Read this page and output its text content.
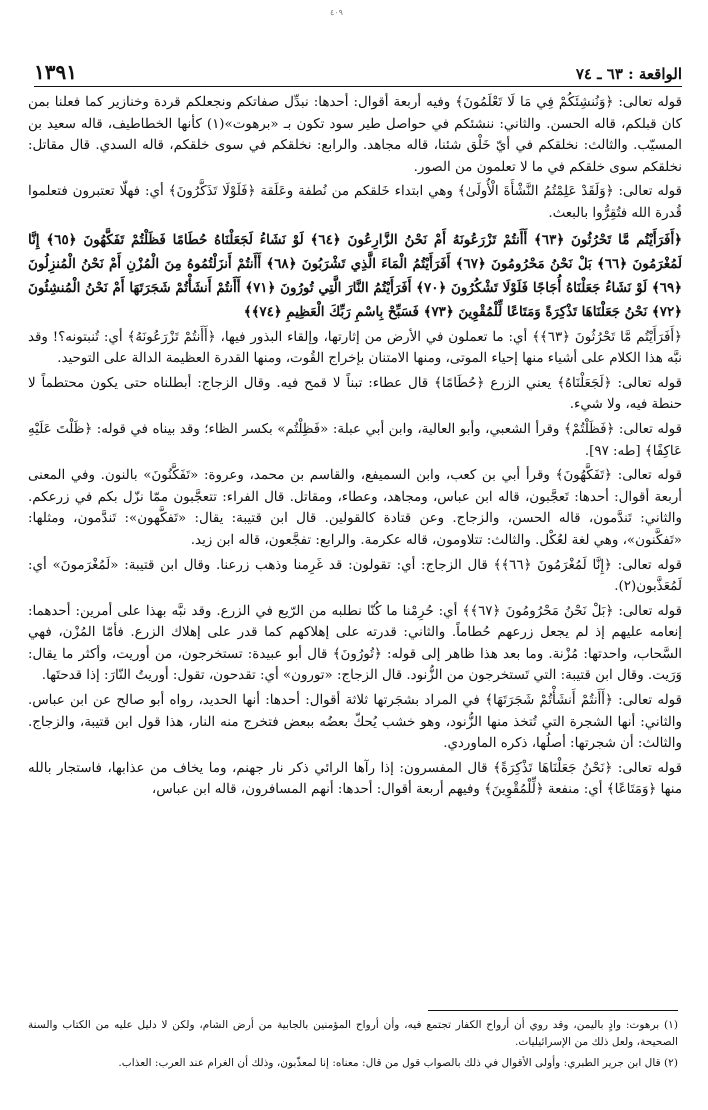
٤٠٩
الواقعة : ٦٣ ـ ٧٤
١٣٩١

قوله تعالى: ﴿وَنُنشِئَكُمْ فِي مَا لَا تَعْلَمُونَ﴾ وفيه أربعة أقوال: أحدها: نبدِّل صفاتكم ونجعلكم قردة وخنازير كما فعلنا بمن كان قبلكم، قاله الحسن. والثاني: ننشئكم في حواصل طير سود تكون بـ «برهوت»(١) كأنها الخطاطيف، قاله سعيد بن المسيّب. والثالث: نخلقكم في أيّ خَلْق شئنا، قاله مجاهد. والرابع: نخلقكم في سوى خلقكم، قاله السدي. قال مقاتل: نخلقكم سوى خلقكم في ما لا تعلمون من الصور.

قوله تعالى: ﴿وَلَقَدْ عَلِمْتُمُ النَّشْأَةَ الْأُولَىٰ﴾ وهي ابتداء خَلقكم من نُطفة وعَلَقة ﴿فَلَوْلَا تَذَكَّرُونَ﴾ أي: فهلّا تعتبرون فتعلموا قُدرة الله فتُقِرُّوا بالبعث.

﴿أَفَرَأَيْتُم مَّا تَحْرُثُونَ ﴿٦٣﴾ أَأَنتُمْ تَزْرَعُونَهُ أَمْ نَحْنُ الزَّارِعُونَ ﴿٦٤﴾ لَوْ نَشَاءُ لَجَعَلْنَاهُ حُطَامًا فَظَلْتُمْ تَفَكَّهُونَ ﴿٦٥﴾ إِنَّا لَمُغْرَمُونَ ﴿٦٦﴾ بَلْ نَحْنُ مَحْرُومُونَ ﴿٦٧﴾ أَفَرَأَيْتُمُ الْمَاءَ الَّذِي تَشْرَبُونَ ﴿٦٨﴾ أَأَنتُمْ أَنزَلْتُمُوهُ مِنَ الْمُزْنِ أَمْ نَحْنُ الْمُنزِلُونَ ﴿٦٩﴾ لَوْ نَشَاءُ جَعَلْنَاهُ أُجَاجًا فَلَوْلَا تَشْكُرُونَ ﴿٧٠﴾ أَفَرَأَيْتُمُ النَّارَ الَّتِي تُورُونَ ﴿٧١﴾ أَأَنتُمْ أَنشَأْتُمْ شَجَرَتَهَا أَمْ نَحْنُ الْمُنشِئُونَ ﴿٧٢﴾ نَحْنُ جَعَلْنَاهَا تَذْكِرَةً وَمَتَاعًا لِّلْمُقْوِينَ ﴿٧٣﴾ فَسَبِّحْ بِاسْمِ رَبِّكَ الْعَظِيمِ ﴿٧٤﴾﴾

﴿أَفَرَأَيْتُم مَّا تَحْرُثُونَ ﴿٦٣﴾﴾ أي: ما تعملون في الأرض من إثارتها، وإلقاء البذور فيها، ﴿أَأَنتُمْ تَزْرَعُونَهُ﴾ أي: تُنبتونه؟! وقد نبَّه هذا الكلام على أشياء منها إحياء الموتى، ومنها الامتنان بإخراج القُوت، ومنها القدرة العظيمة الدالة على التوحيد.

قوله تعالى: ﴿لَجَعَلْنَاهُ﴾ يعني الزرع ﴿حُطَامًا﴾ قال عطاء: تبناً لا قمح فيه. وقال الزجاج: أبطلناه حتى يكون محتطماً لا حنطة فيه، ولا شيء.

قوله تعالى: ﴿فَظَلْتُمْ﴾ وقرأ الشعبي، وأبو العالية، وابن أبي عبلة: «فَظِلْتُم» بكسر الظاء؛ وقد بيناه في قوله: ﴿ظَلْتَ عَلَيْهِ عَاكِفًا﴾ [طه: ٩٧].

قوله تعالى: ﴿تَفَكَّهُونَ﴾ وقرأ أبي بن كعب، وابن السميفع، والقاسم بن محمد، وعروة: «تَفَكَّنُونَ» بالنون. وفي المعنى أربعة أقوال: أحدها: تَعجَّبون، قاله ابن عباس، ومجاهد، وعطاء، ومقاتل. قال الفراء: تتعجَّبون ممّا نزّل بكم في زرعكم. والثاني: تَندَّمون، قاله الحسن، والزجاج. وعن قتادة كالقولين. قال ابن قتيبة: يقال: «تَفكَّهون»: تَندَّمون، ومثلها: «تَفكَّنون»، وهي لغة لعُكْل. والثالث: تتلاومون، قاله عكرمة. والرابع: تفجَّعون، قاله ابن زيد.

قوله تعالى: ﴿إِنَّا لَمُغْرَمُونَ ﴿٦٦﴾﴾ قال الزجاج: أي: تقولون: قد غَرِمنا وذهب زرعنا. وقال ابن قتيبة: «لَمُغْرَمونَ» أي: لَمُعَذَّبون(٢).

قوله تعالى: ﴿بَلْ نَحْنُ مَحْرُومُونَ ﴿٦٧﴾﴾ أي: حُرِمْنا ما كُنّا نطلبه من الرّيع في الزرع. وقد نبَّه بهذا على أمرين: أحدهما: إنعامه عليهم إذ لم يجعل زرعهم حُطاماً. والثاني: قدرته على إهلاكهم كما قدر على إهلاك الزرع. فأمّا المُزْن، فهي السَّحاب، واحدتها: مُزْنة. وما بعد هذا ظاهر إلى قوله: ﴿تُورُونَ﴾ قال أبو عبيدة: تستخرجون، من أوريت، وأكثر ما يقال: وَرَيت. وقال ابن قتيبة: التي تَستخرجون من الزُّنود. قال الزجاج: «تورون» أي: تقدحون، تقول: أوريتُ النّارَ: إذا قدحتَها.

قوله تعالى: ﴿أَأَنتُمْ أَنشَأْتُمْ شَجَرَتَهَا﴾ في المراد بشجَرتها ثلاثة أقوال: أحدها: أنها الحديد، رواه أبو صالح عن ابن عباس. والثاني: أنها الشجرة التي تُتخذ منها الزُّنود، وهو خشب يُحكّ بعضُه ببعض فتخرج منه النار، هذا قول ابن قتيبة، والزجاج. والثالث: أن شجرتها: أصلُها، ذكره الماوردي.

قوله تعالى: ﴿نَحْنُ جَعَلْنَاهَا تَذْكِرَةً﴾ قال المفسرون: إذا رآها الرائي ذكر نار جهنم، وما يخاف من عذابها، فاستجار بالله منها ﴿وَمَتَاعًا﴾ أي: منفعة ﴿لِّلْمُقْوِينَ﴾ وفيهم أربعة أقوال: أحدها: أنهم المسافرون، قاله ابن عباس،

(١) برهوت: وادٍ باليمن، وقد روي أن أرواح الكفار تجتمع فيه، وأن أرواح المؤمنين بالجابية من أرض الشام، ولكن لا دليل عليه من الكتاب والسنة الصحيحة، ولعل ذلك من الإسرائيليات.

(٢) قال ابن جرير الطبري: وأولى الأقوال في ذلك بالصواب قول من قال: معناه: إنا لمعذّبون، وذلك أن الغرام عند العرب: العذاب.
